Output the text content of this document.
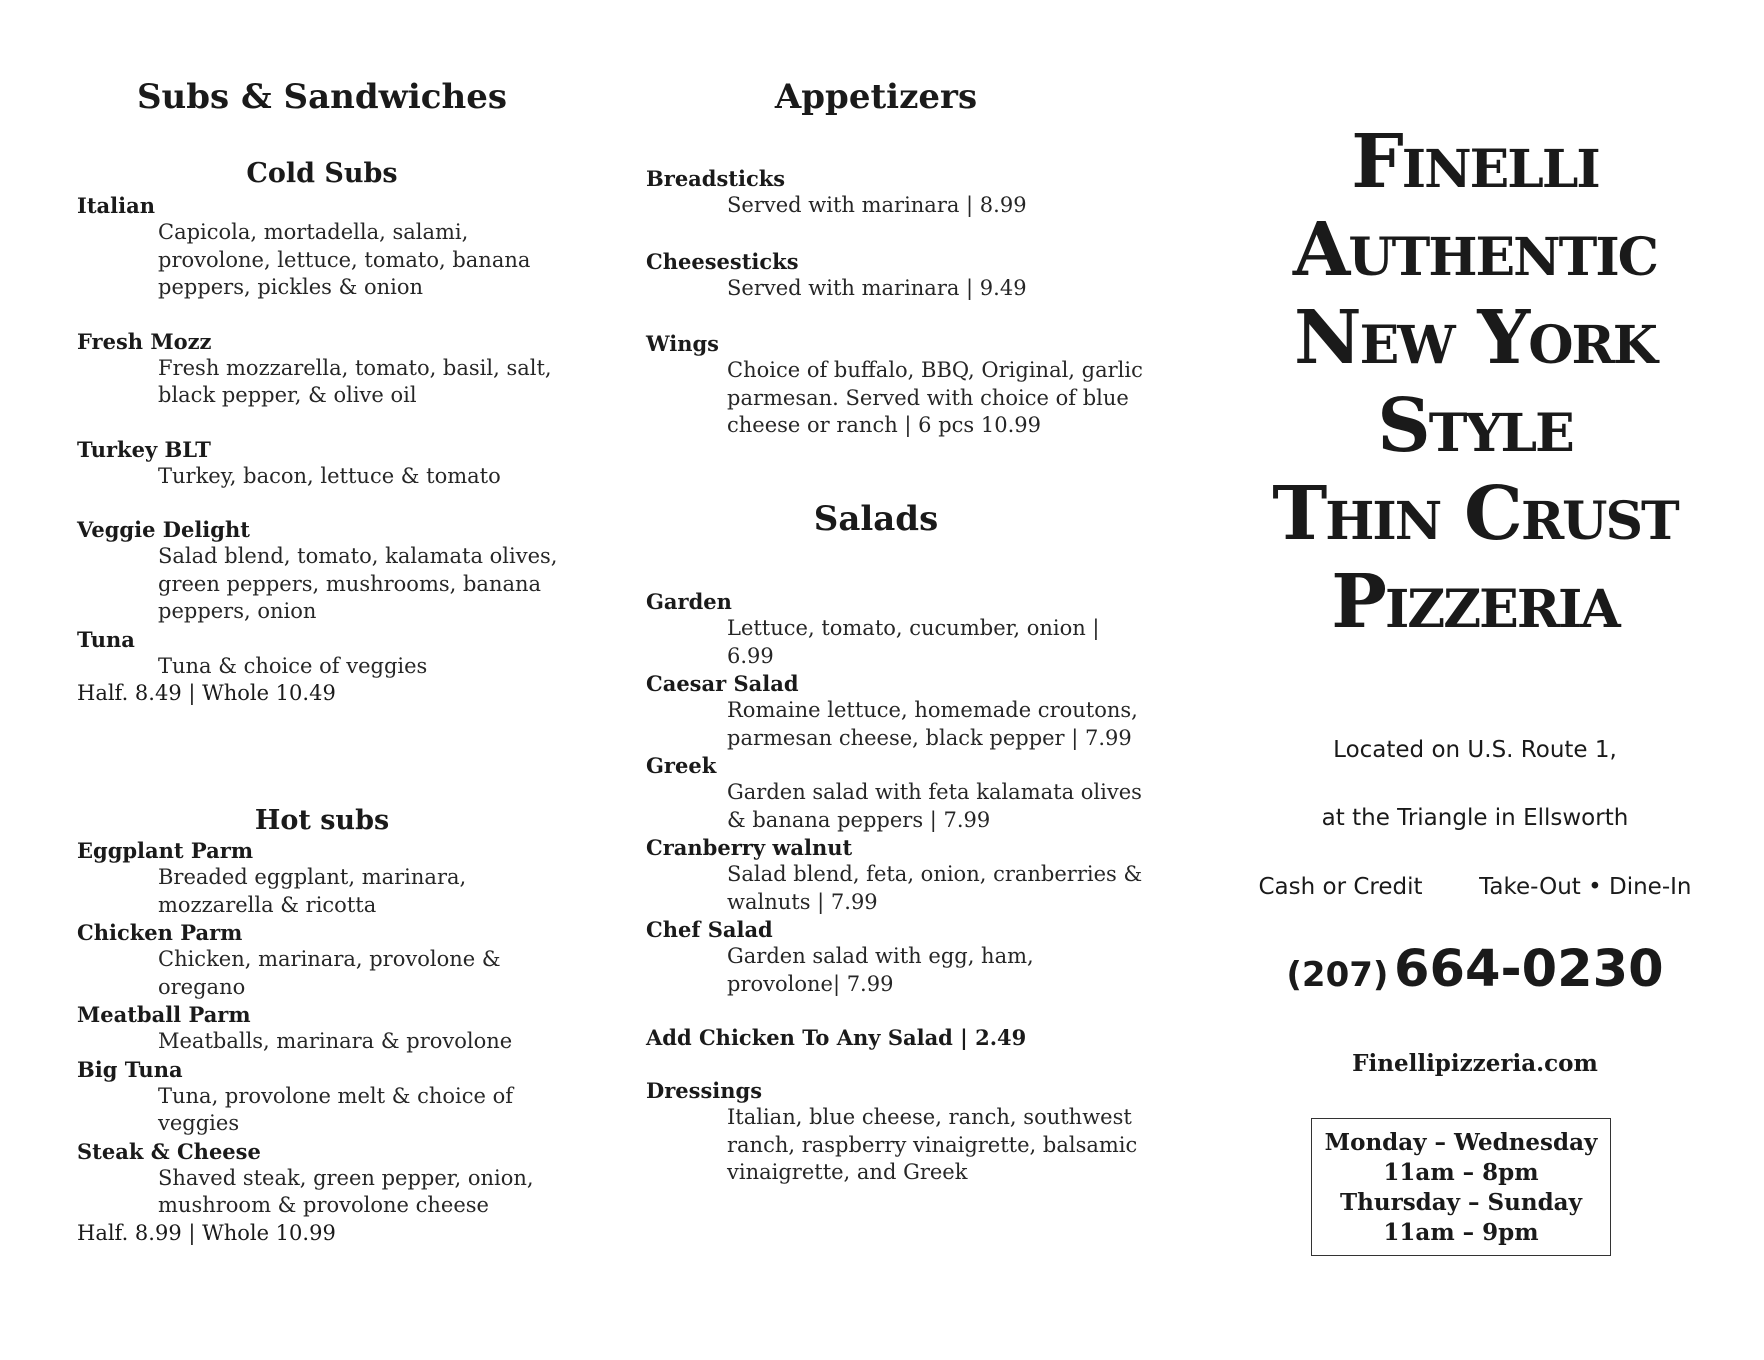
Subs & Sandwiches
Cold Subs

Italian

Capicola, mortadella, salami, provolone, lettuce, tomato, banana peppers, pickles & onion

Fresh Mozz

Fresh mozzarella, tomato, basil, salt, black pepper, & olive oil

Turkey BLT

Turkey, bacon, lettuce & tomato

Veggie Delight

Salad blend, tomato, kalamata olives, green peppers, mushrooms, banana peppers, onion

Tuna

Tuna & choice of veggies

Half. 8.49 | Whole 10.49

Hot subs

Eggplant Parm

Breaded eggplant, marinara, mozzarella & ricotta

Chicken Parm

Chicken, marinara, provolone & oregano

Meatball Parm

Meatballs, marinara & provolone

Big Tuna

Tuna, provolone melt & choice of veggies

Steak & Cheese

Shaved steak, green pepper, onion, mushroom & provolone cheese

Half. 8.99 | Whole 10.99

Appetizers

Breadsticks

Served with marinara | 8.99

Cheesesticks

Served with marinara | 9.49

Wings

Choice of buffalo, BBQ, Original, garlic parmesan. Served with choice of blue cheese or ranch | 6 pcs 10.99

Salads

Garden

Lettuce, tomato, cucumber, onion | 6.99

Caesar Salad

Romaine lettuce, homemade croutons, parmesan cheese, black pepper | 7.99

Greek

Garden salad with feta kalamata olives & banana peppers | 7.99

Cranberry walnut

Salad blend, feta, onion, cranberries & walnuts | 7.99

Chef Salad

Garden salad with egg, ham, provolone| 7.99

Add Chicken To Any Salad | 2.49

Dressings

Italian, blue cheese, ranch, southwest ranch, raspberry vinaigrette, balsamic vinaigrette, and Greek

Finelli

Authentic

New York

Style

Thin Crust

Pizzeria

Located on U.S. Route 1,
at the Triangle in Ellsworth
Cash or Credit Take-Out • Dine-In
(207) 664-0230
Finellipizzeria.com
Monday – Wednesday
11am – 8pm
Thursday – Sunday
11am – 9pm
